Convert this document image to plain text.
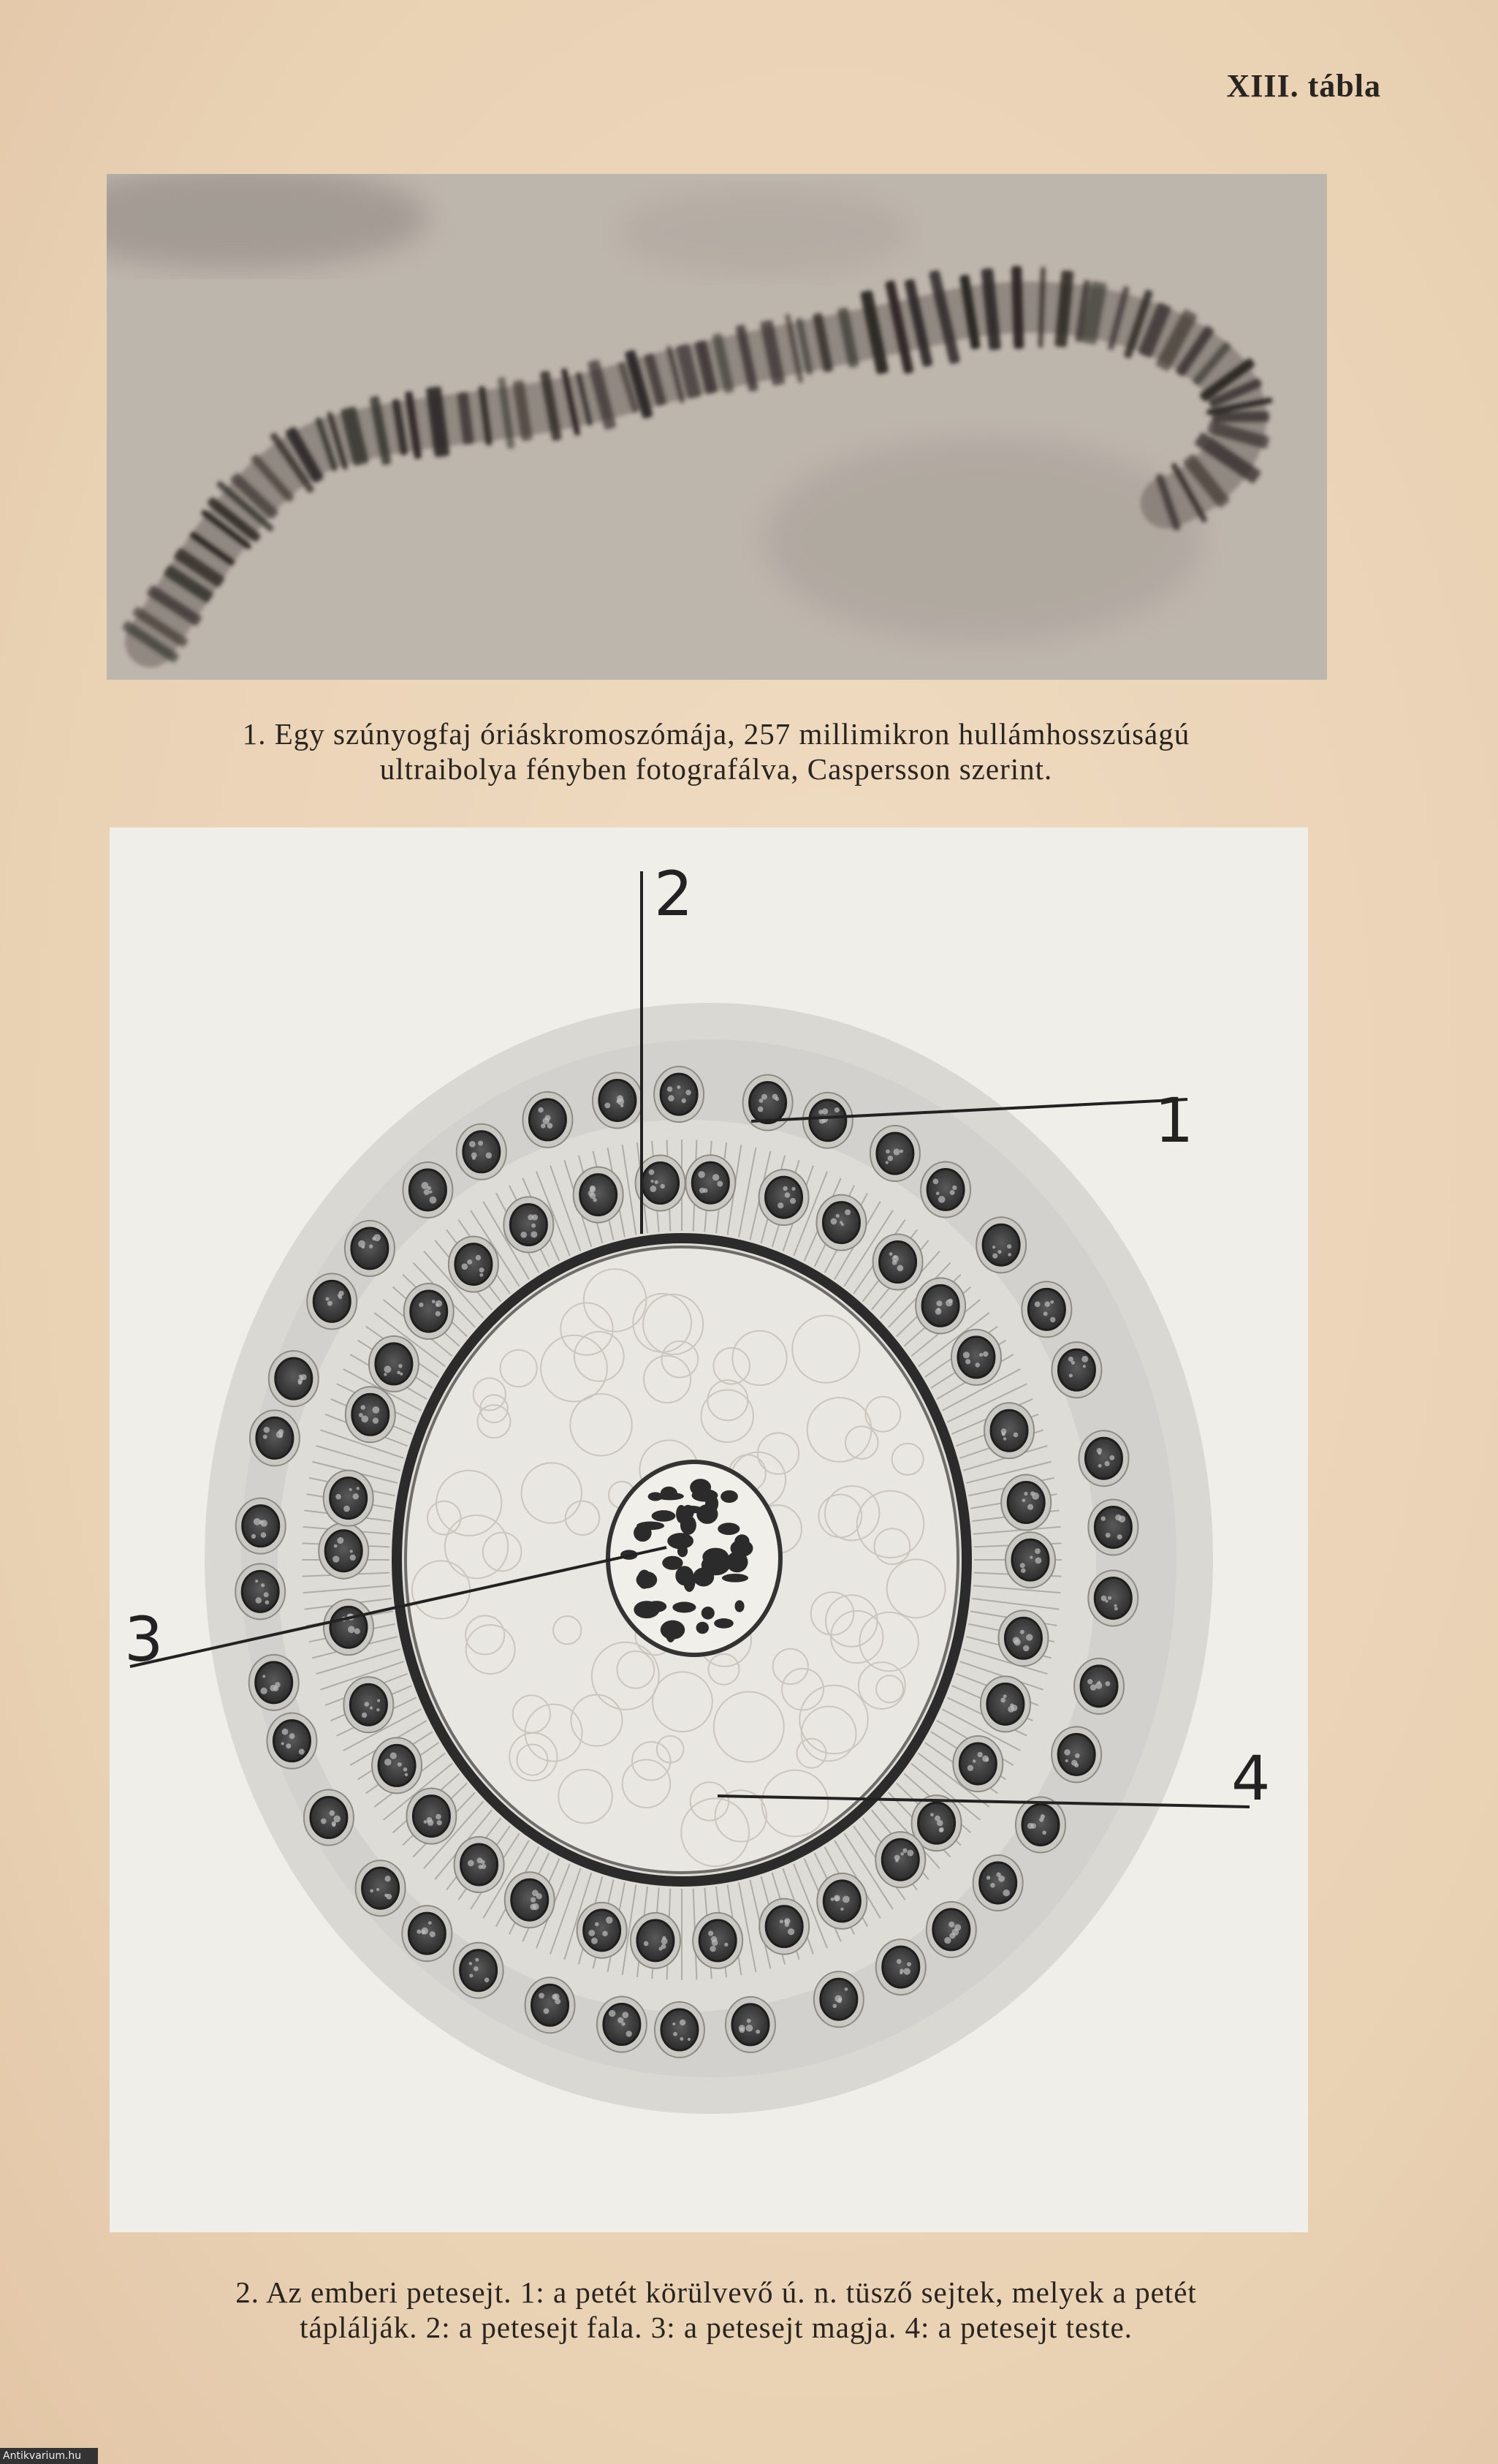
XIII. tábla
1. Egy szúnyogfaj óriáskromoszómája, 257 millimikron hullámhosszúságú
ultraibolya fényben fotografálva, Caspersson szerint.
2
1
3
4
2. Az emberi petesejt. 1: a petét körülvevő ú. n. tüsző sejtek, melyek a petét
táplálják. 2: a petesejt fala. 3: a petesejt magja. 4: a petesejt teste.
Antikvarium.hu
